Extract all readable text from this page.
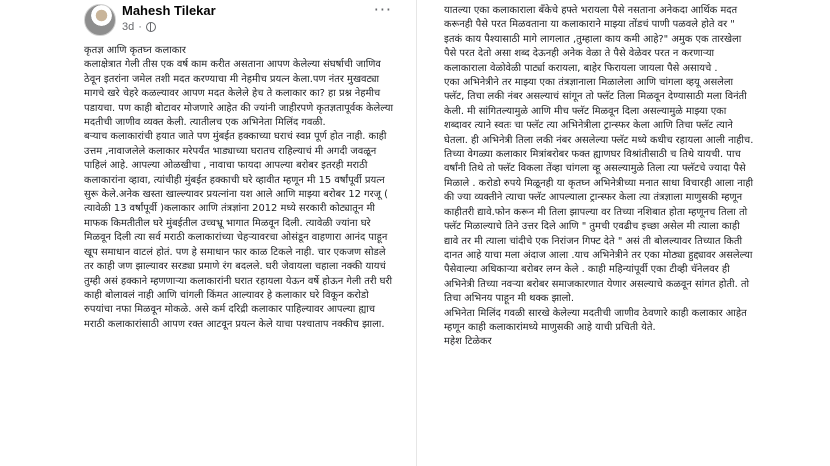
Mahesh Tilekar
3d ·
···

कृतज्ञ आणि कृतघ्न कलाकार

कलाक्षेत्रात गेली तीस एक वर्ष काम करीत असताना आपण केलेल्या संघर्षाची जाणिव ठेवून इतरांना जमेल तशी मदत करण्याचा मी नेहमीच प्रयत्न केला.पण नंतर मुखवट्या मागचे खरे चेहरे कळल्यावर आपण मदत केलेले हेच ते कलाकार का? हा प्रश्न नेहमीच पडायचा. पण काही बोटावर मोजणारे आहेत की ज्यांनी जाहीरपणे कृतज्ञतापूर्वक केलेल्या मदतीची जाणीव व्यक्त केली. त्यातीलच एक अभिनेता मिलिंद गवळी.

बऱ्याच कलाकारांची हयात जाते पण मुंबईत हक्काच्या घराचं स्वप्न पूर्ण होत नाही. काही उत्तम ,नावाजलेले कलाकार मरेपर्यंत भाड्याच्या घरातच राहिल्याचं मी अगदी जवळून पाहिलं आहे. आपल्या ओळखीचा , नावाचा फायदा आपल्या बरोबर इतरही मराठी कलाकारांना व्हावा, त्यांचीही मुंबईत हक्काची घरे व्हावीत म्हणून मी 15 वर्षांपूर्वी प्रयत्न सुरू केले.अनेक खस्ता खाल्ल्यावर प्रयत्नांना यश आले आणि माझ्या बरोबर 12 गरजू ( त्यावेळी 13 वर्षांपूर्वी )कलाकार आणि तंत्रज्ञांना 2012 मध्ये सरकारी कोट्यातून मी माफक किमतीतील घरे मुंबईतील उच्चभ्रू भागात मिळवून दिली. त्यावेळी ज्यांना घरे मिळवून दिली त्या सर्व मराठी कलाकारांच्या चेहऱ्यावरचा ओसंडून वाहणारा आनंद पाहून खूप समाधान वाटलं होतं. पण हे समाधान फार काळ टिकले नाही. चार एकजण सोडले तर काही जण झाल्यावर सरड्या प्रमाणे रंग बदलले. घरी जेवायला चहाला नक्की यायचं तुम्ही असं हक्काने म्हणणाऱ्या कलाकारांनी घरात रहायला येऊन वर्षे होऊन गेली तरी घरी काही बोलावलं नाही आणि चांगली किंमत आल्यावर हे कलाकार घरे विकून करोडो रुपयांचा नफा मिळवून मोकळे. असे कर्म दरिद्री कलाकार पाहिल्यावर आपल्या ह्याच मराठी कलाकारांसाठी आपण रक्त आटवून प्रयत्न केले याचा पश्चाताप नक्कीच झाला.

यातल्या एका कलाकाराला बँकेचे हफ्ते भरायला पैसे नसताना अनेकदा आर्थिक मदत करूनही पैसे परत मिळवताना या कलाकाराने माझ्या तोंडचं पाणी पळवले होते वर " इतकं काय पैश्यासाठी मागे लागलात ,तुम्हाला काय कमी आहे?" अमुक एक तारखेला पैसे परत देतो असा शब्द देऊनही अनेक वेळा ते पैसे वेळेवर परत न करणाऱ्या कलाकाराला वेळोवेळी पार्ट्या करायला, बाहेर फिरायला जायला पैसे असायचे .

एका अभिनेत्रीने तर माझ्या एका तंत्रज्ञानाला मिळालेला आणि चांगला व्हयू असलेला फ्लॅट, तिचा लकी नंबर असल्याचं सांगून तो फ्लॅट तिला मिळवून देण्यासाठी मला विनंती केली. मी सांगितल्यामुळे आणि मीच फ्लॅट मिळवून दिला असल्यामुळे माझ्या एका शब्दावर त्याने स्वतः चा फ्लॅट त्या अभिनेत्रीला ट्रान्स्फर केला आणि तिचा फ्लॅट त्याने घेतला. ही अभिनेत्री तिला लकी नंबर असलेल्या फ्लॅट मध्ये कधीच रहायला आली नाहीच. तिच्या वेगळ्या कलाकार मित्रांबरोबर फक्त ह्याणघर विश्रांतीसाठी च तिथे यायची. पाच वर्षांनी तिथे तो फ्लॅट विकला तेंव्हा चांगला व्हू असल्यामुळे तिला त्या फ्लॅटचे ज्यादा पैसे मिळाले . करोडो रुपये मिळूनही या कृतघ्न अभिनेत्रीच्या मनात साधा विचारही आला नाही की ज्या व्यक्तीने त्याचा फ्लॅट आपल्याला ट्रान्स्फर केला त्या तंत्रज्ञाला माणुसकी म्हणून काहीतरी द्यावे.फोन करून मी तिला झापल्या वर तिच्या नशिबात होता म्हणूनच तिला तो फ्लॅट मिळाल्याचे तिने उत्तर दिले आणि " तुमची एवढीच इच्छा असेल मी त्याला काही द्यावे तर मी त्याला चांदीचे एक निरांजन गिफ्ट देते " असं ती बोलल्यावर तिच्यात किती दानत आहे याचा मला अंदाज आला .याच अभिनेत्रीने तर एका मोठ्या हुद्द्यावर असलेल्या पैसेवाल्या अधिकाऱ्या बरोबर लग्न केले . काही महिन्यांपूर्वी एका टीव्ही चॅनेलवर ही अभिनेत्री तिच्या नवऱ्या बरोबर समाजकारणात येणार असल्याचे कळवून सांगत होती. तो तिचा अभिनय पाहून मी थक्क झालो.

अभिनेता मिलिंद गवळी सारखे केलेल्या मदतीची जाणीव ठेवणारे काही कलाकार आहेत म्हणून काही कलाकारांमध्ये माणुसकी आहे याची प्रचिती येते.

महेश टिळेकर
